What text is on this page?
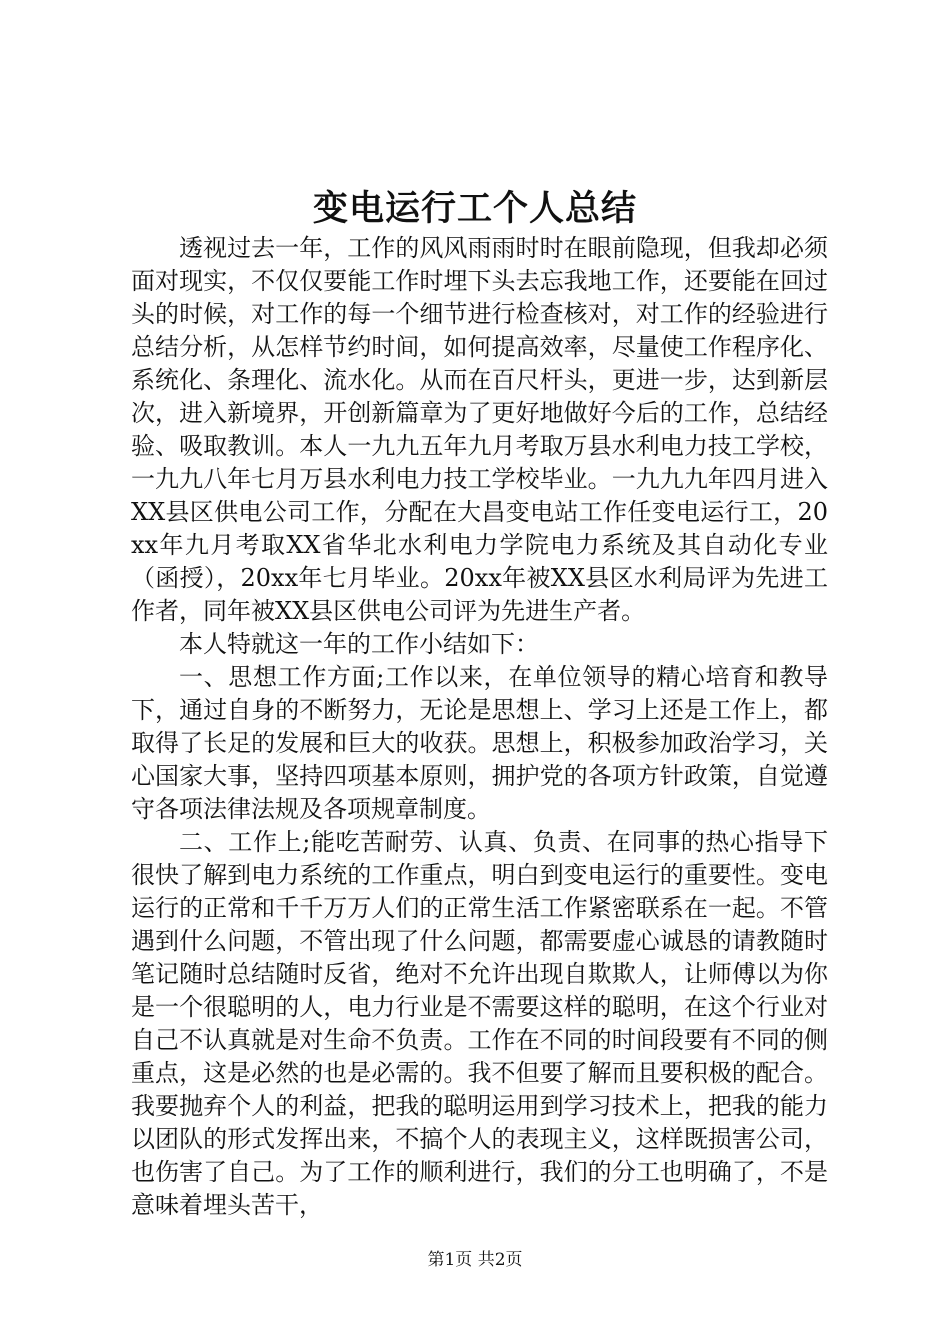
变电运行工个人总结

透视过去一年，工作的风风雨雨时时在眼前隐现，但我却必须面对现实，不仅仅要能工作时埋下头去忘我地工作，还要能在回过头的时候，对工作的每一个细节进行检查核对，对工作的经验进行总结分析，从怎样节约时间，如何提高效率，尽量使工作程序化、系统化、条理化、流水化。从而在百尺杆头，更进一步，达到新层次，进入新境界，开创新篇章为了更好地做好今后的工作，总结经验、吸取教训。本人一九九五年九月考取万县水利电力技工学校，一九九八年七月万县水利电力技工学校毕业。一九九九年四月进入XX县区供电公司工作，分配在大昌变电站工作任变电运行工，20xx年九月考取XX省华北水利电力学院电力系统及其自动化专业（函授），20xx年七月毕业。20xx年被XX县区水利局评为先进工作者，同年被XX县区供电公司评为先进生产者。

本人特就这一年的工作小结如下：

一、思想工作方面;工作以来，在单位领导的精心培育和教导下，通过自身的不断努力，无论是思想上、学习上还是工作上，都取得了长足的发展和巨大的收获。思想上，积极参加政治学习，关心国家大事，坚持四项基本原则，拥护党的各项方针政策，自觉遵守各项法律法规及各项规章制度。

二、工作上;能吃苦耐劳、认真、负责、在同事的热心指导下很快了解到电力系统的工作重点，明白到变电运行的重要性。变电运行的正常和千千万万人们的正常生活工作紧密联系在一起。不管遇到什么问题，不管出现了什么问题，都需要虚心诚恳的请教随时笔记随时总结随时反省，绝对不允许出现自欺欺人，让师傅以为你是一个很聪明的人，电力行业是不需要这样的聪明，在这个行业对自己不认真就是对生命不负责。工作在不同的时间段要有不同的侧重点，这是必然的也是必需的。我不但要了解而且要积极的配合。我要抛弃个人的利益，把我的聪明运用到学习技术上，把我的能力以团队的形式发挥出来，不搞个人的表现主义，这样既损害公司，也伤害了自己。为了工作的顺利进行，我们的分工也明确了，不是意味着埋头苦干，

第1页 共2页
